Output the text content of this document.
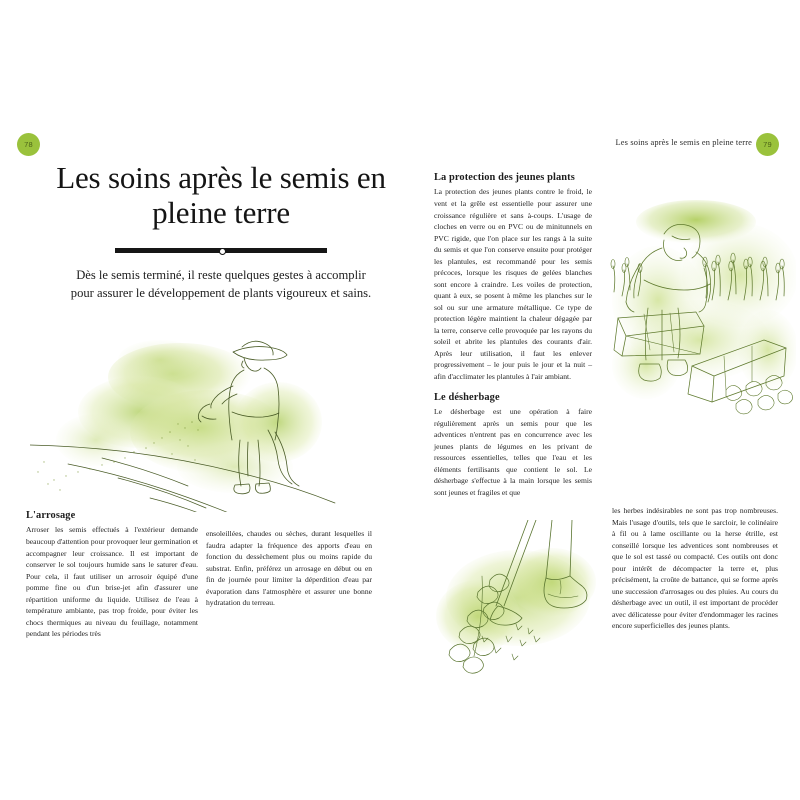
78	79
Les soins après le semis en pleine terre
Les soins après le semis en pleine terre

Dès le semis terminé, il reste quelques gestes à accomplir pour assurer le développement de plants vigoureux et sains.

La protection des jeunes plants

La protection des jeunes plants contre le froid, le vent et la grêle est essentielle pour assurer une croissance régulière et sans à-coups. L'usage de cloches en verre ou en PVC ou de minitunnels en PVC rigide, que l'on place sur les rangs à la suite du semis et que l'on conserve ensuite pour protéger les plantules, est recommandé pour les semis précoces, lorsque les risques de gelées blanches sont encore à craindre. Les voiles de protection, quant à eux, se posent à même les planches sur le sol ou sur une armature métallique. Ce type de protection légère maintient la chaleur dégagée par la terre, conserve celle provoquée par les rayons du soleil et abrite les plantules des courants d'air. Après leur utilisation, il faut les enlever progressivement – le jour puis le jour et la nuit – afin d'acclimater les plantules à l'air ambiant.

Le désherbage

Le désherbage est une opération à faire régulièrement après un semis pour que les adventices n'entrent pas en concurrence avec les jeunes plants de légumes en les privant de ressources essentielles, telles que l'eau et les éléments fertilisants que contient le sol. Le désherbage s'effectue à la main lorsque les semis sont jeunes et fragiles et que

L'arrosage

Arroser les semis effectués à l'extérieur demande beaucoup d'attention pour provoquer leur germination et accompagner leur croissance. Il est important de conserver le sol toujours humide sans le saturer d'eau. Pour cela, il faut utiliser un arrosoir équipé d'une pomme fine ou d'un brise-jet afin d'assurer une répartition uniforme du liquide. Utilisez de l'eau à température ambiante, pas trop froide, pour éviter les chocs thermiques au niveau du feuillage, notamment pendant les périodes très

ensoleillées, chaudes ou sèches, durant lesquelles il faudra adapter la fréquence des apports d'eau en fonction du dessèchement plus ou moins rapide du substrat. Enfin, préférez un arrosage en début ou en fin de journée pour limiter la déperdition d'eau par évaporation dans l'atmosphère et assurer une bonne hydratation du terreau.

les herbes indésirables ne sont pas trop nombreuses. Mais l'usage d'outils, tels que le sarcloir, le colinéaire à fil ou à lame oscillante ou la herse étrille, est conseillé lorsque les adventices sont nombreuses et que le sol est tassé ou compacté. Ces outils ont donc pour intérêt de décompacter la terre et, plus précisément, la croûte de battance, qui se forme après une succession d'arrosages ou des pluies. Au cours du désherbage avec un outil, il est important de procéder avec délicatesse pour éviter d'endommager les racines encore superficielles des jeunes plants.
